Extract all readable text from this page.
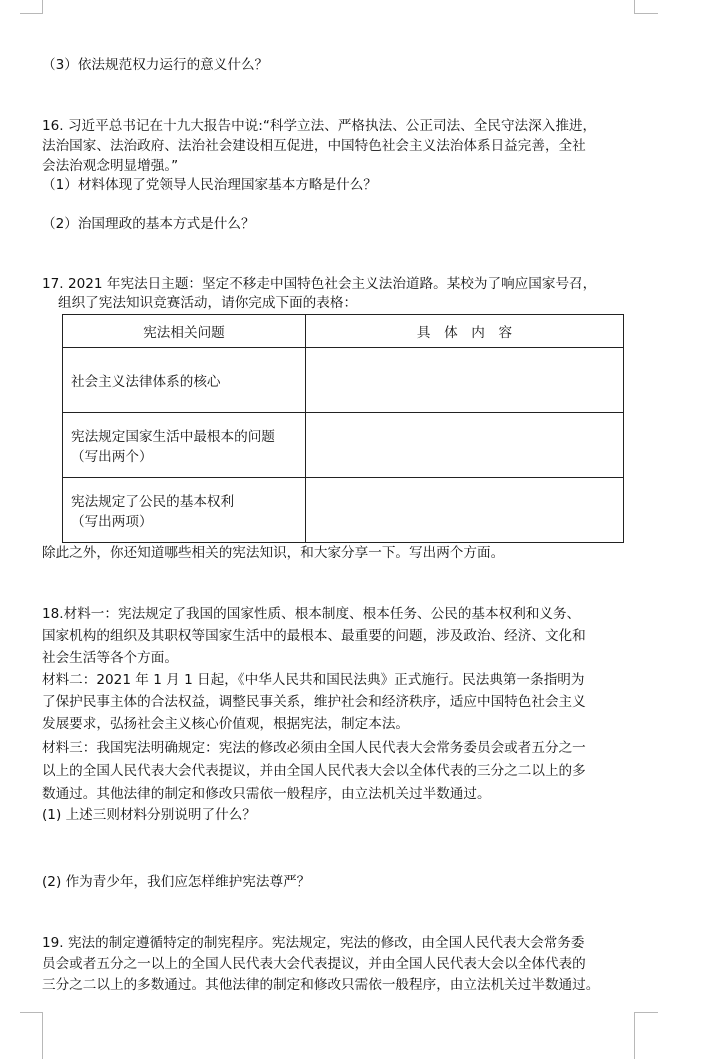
（3）依法规范权力运行的意义什么？
16. 习近平总书记在十九大报告中说:“科学立法、严格执法、公正司法、全民守法深入推进，
法治国家、法治政府、法治社会建设相互促进，中国特色社会主义法治体系日益完善，全社
会法治观念明显增强。”
（1）材料体现了党领导人民治理国家基本方略是什么？
（2）治国理政的基本方式是什么？
17. 2021 年宪法日主题：坚定不移走中国特色社会主义法治道路。某校为了响应国家号召，
组织了宪法知识竞赛活动，请你完成下面的表格：
宪法相关问题	具　体　内　容

社会主义法律体系的核心	

宪法规定国家生活中最根本的问题
（写出两个）	

宪法规定了公民的基本权利
（写出两项）	

除此之外，你还知道哪些相关的宪法知识，和大家分享一下。写出两个方面。
18.材料一：宪法规定了我国的国家性质、根本制度、根本任务、公民的基本权利和义务、
国家机构的组织及其职权等国家生活中的最根本、最重要的问题，涉及政治、经济、文化和
社会生活等各个方面。
材料二：2021 年 1 月 1 日起，《中华人民共和国民法典》正式施行。民法典第一条指明为
了保护民事主体的合法权益，调整民事关系，维护社会和经济秩序，适应中国特色社会主义
发展要求，弘扬社会主义核心价值观，根据宪法，制定本法。
材料三：我国宪法明确规定：宪法的修改必须由全国人民代表大会常务委员会或者五分之一
以上的全国人民代表大会代表提议，并由全国人民代表大会以全体代表的三分之二以上的多
数通过。其他法律的制定和修改只需依一般程序，由立法机关过半数通过。
(1) 上述三则材料分别说明了什么？
(2) 作为青少年，我们应怎样维护宪法尊严？
19. 宪法的制定遵循特定的制宪程序。宪法规定，宪法的修改，由全国人民代表大会常务委
员会或者五分之一以上的全国人民代表大会代表提议，并由全国人民代表大会以全体代表的
三分之二以上的多数通过。其他法律的制定和修改只需依一般程序，由立法机关过半数通过。
